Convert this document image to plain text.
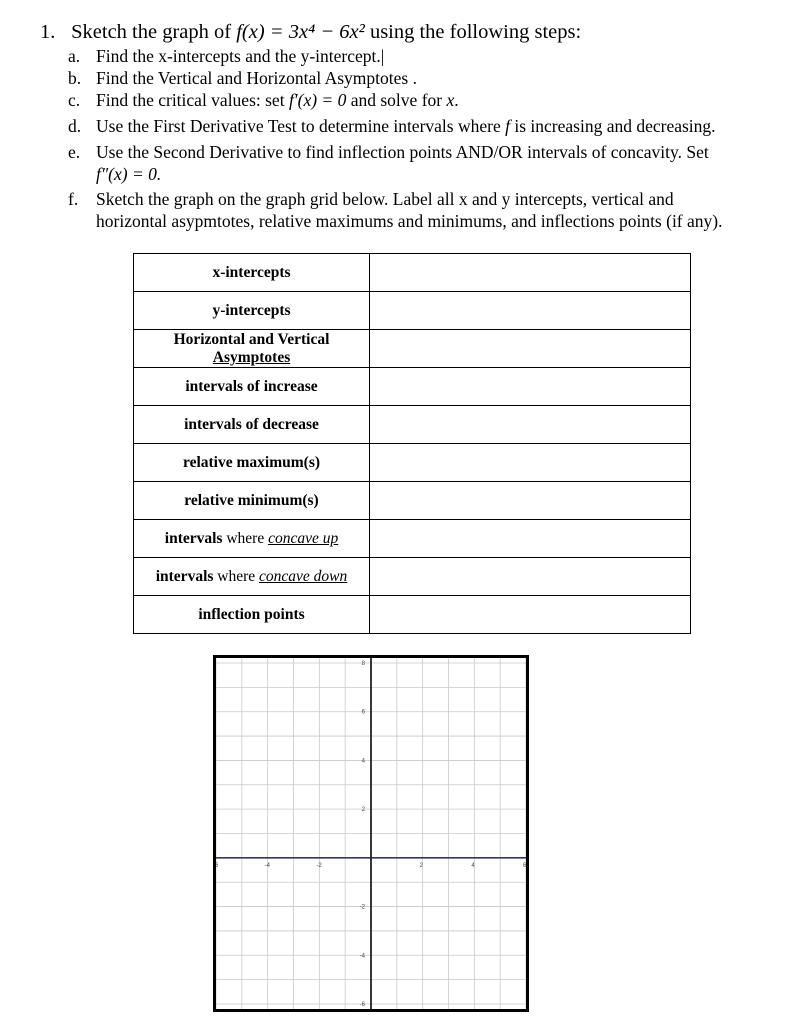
1. Sketch the graph of f(x) = 3x⁴ − 6x² using the following steps:
a. Find the x-intercepts and the y-intercept.|
b. Find the Vertical and Horizontal Asymptotes .
c. Find the critical values: set f′(x) = 0 and solve for x.
d. Use the First Derivative Test to determine intervals where f is increasing and decreasing.
e. Use the Second Derivative to find inflection points AND/OR intervals of concavity. Set
f″(x) = 0.
f. Sketch the graph on the graph grid below. Label all x and y intercepts, vertical and
horizontal asypmtotes, relative maximums and minimums, and inflections points (if any).
x-intercepts	
y-intercepts	

Horizontal and Vertical
Asymptotes	

intervals of increase	
intervals of decrease	
relative maximum(s)	
relative minimum(s)	
intervals where concave up	
intervals where concave down	
inflection points	
-6	-4	-2	2	4	6
8
6
4
2
-2
-4
-6
